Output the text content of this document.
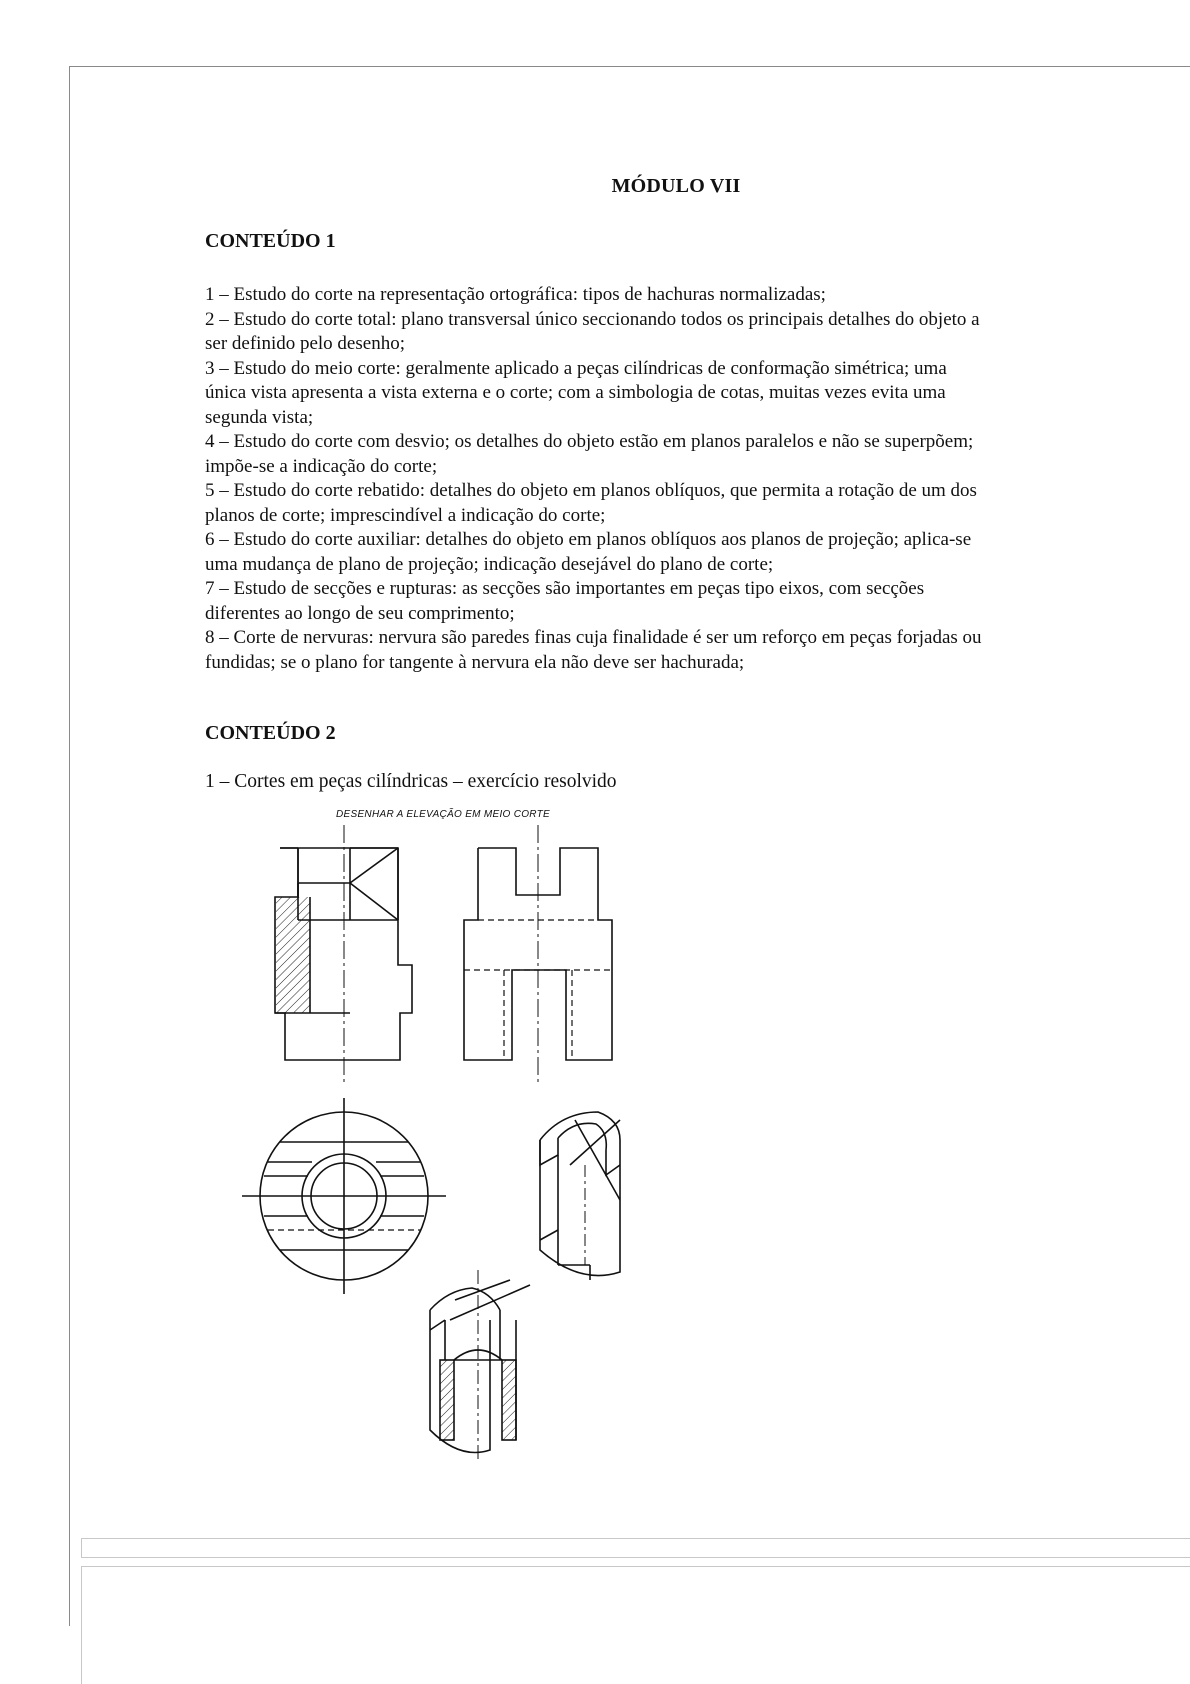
MÓDULO VII
CONTEÚDO 1

1 – Estudo do corte na representação ortográfica: tipos de hachuras normalizadas;

2 – Estudo do corte total: plano transversal único seccionando todos os principais detalhes do objeto a

ser definido pelo desenho;

3 – Estudo do meio corte: geralmente aplicado a peças cilíndricas de conformação simétrica; uma

única vista apresenta a vista externa e o corte; com a simbologia de cotas, muitas vezes evita uma

segunda vista;

4 – Estudo do corte com desvio; os detalhes do objeto estão em planos paralelos e não se superpõem;

impõe-se a indicação do corte;

5 – Estudo do corte rebatido: detalhes do objeto em planos oblíquos, que permita a rotação de um dos

planos de corte; imprescindível a indicação do corte;

6 – Estudo do corte auxiliar: detalhes do objeto em planos oblíquos aos planos de projeção; aplica-se

uma mudança de plano de projeção; indicação desejável do plano de corte;

7 – Estudo de secções e rupturas: as secções são importantes em peças tipo eixos, com secções

diferentes ao longo de seu comprimento;

8 – Corte de nervuras: nervura são paredes finas cuja finalidade é ser um reforço em peças forjadas ou

fundidas; se o plano for tangente à nervura ela não deve ser hachurada;

CONTEÚDO 2
1 – Cortes em peças cilíndricas – exercício resolvido
DESENHAR A ELEVAÇÃO EM MEIO CORTE
